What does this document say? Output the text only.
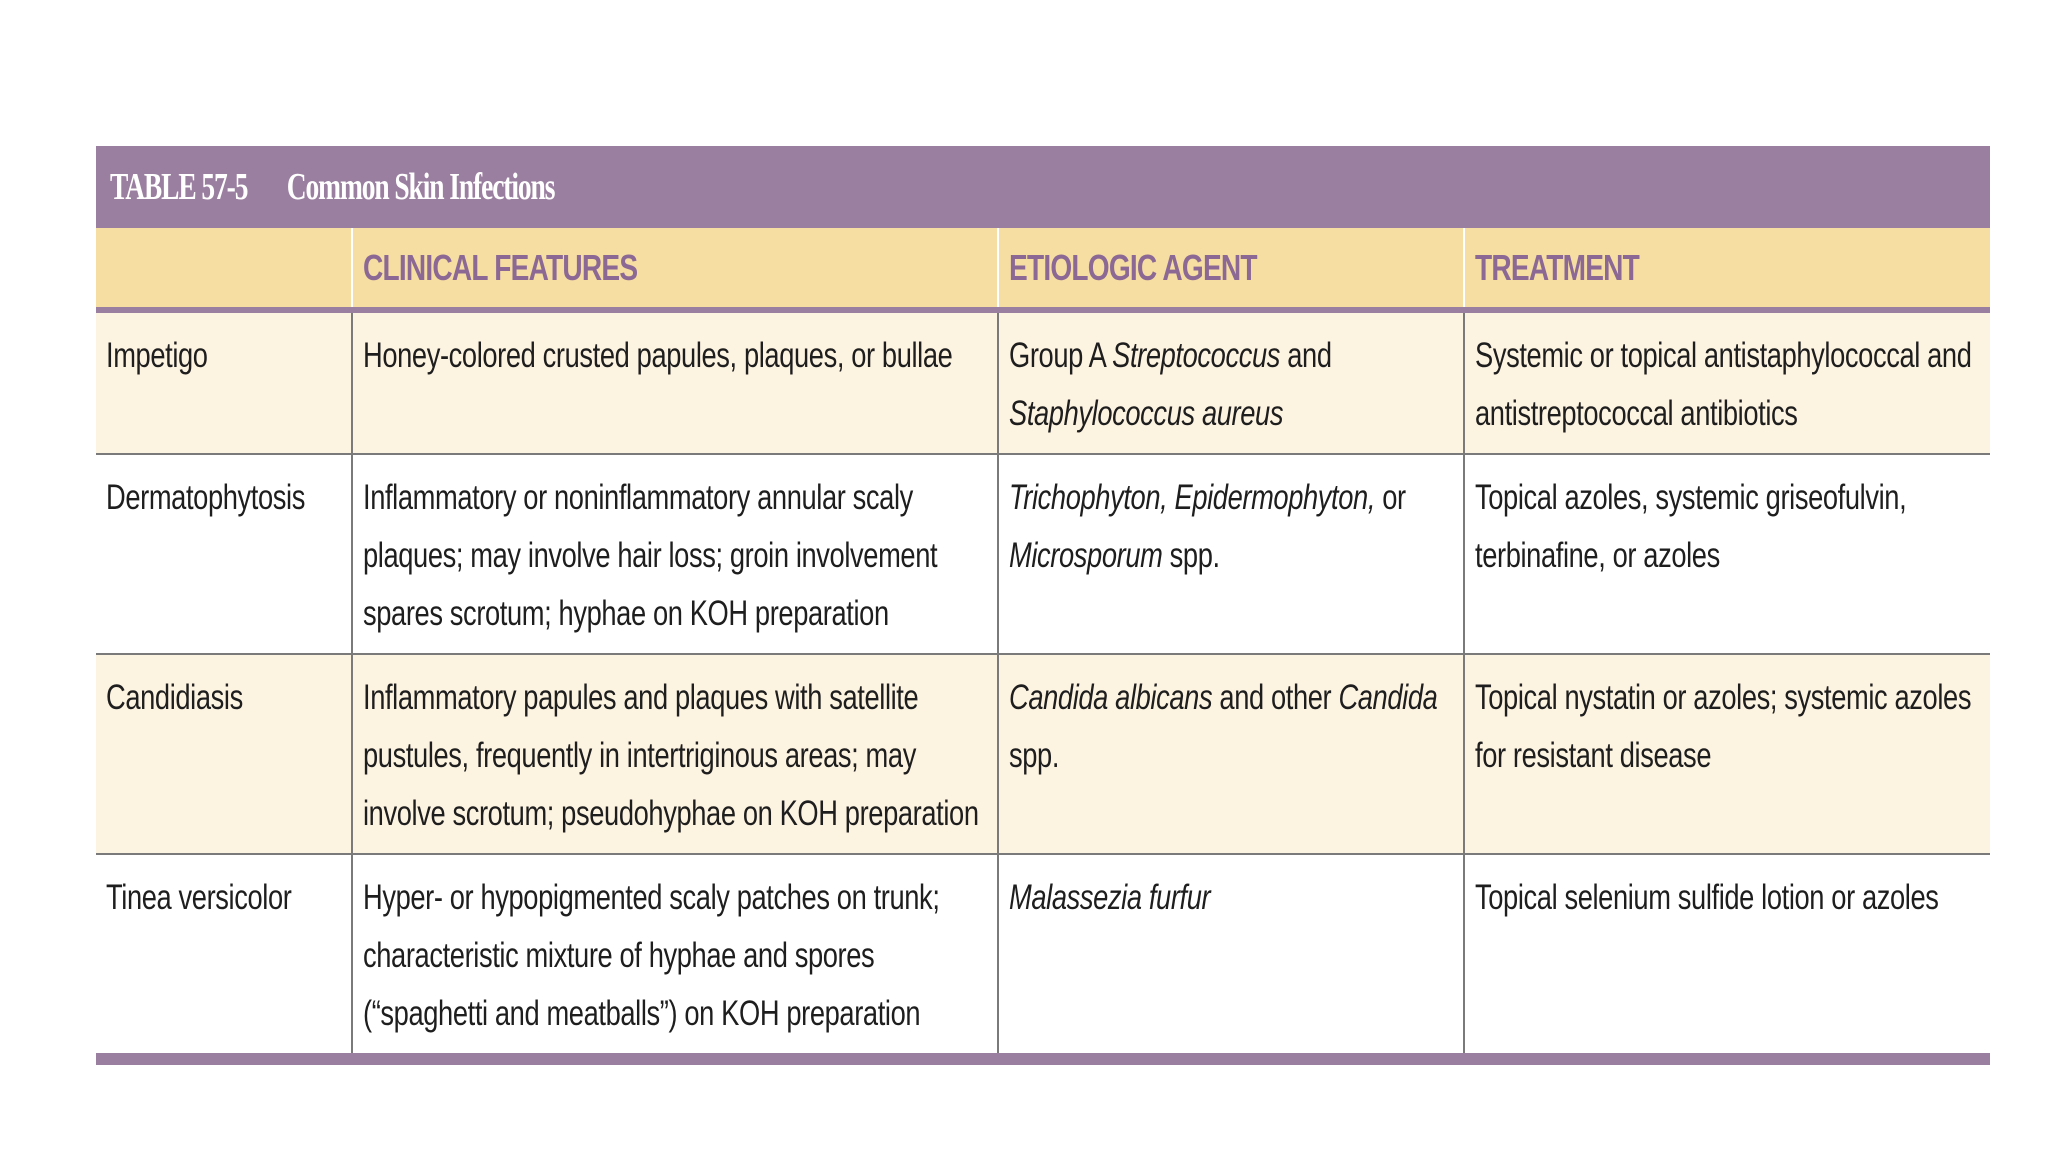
TABLE 57-5 Common Skin Infections
	CLINICAL FEATURES	ETIOLOGIC AGENT	TREATMENT

Impetigo	Honey-colored crusted papules, plaques, or bullae	Group A Streptococcus and Staphylococcus aureus	Systemic or topical antistaphylococcal and antistreptococcal antibiotics

Dermatophytosis	Inflammatory or noninflammatory annular scaly plaques; may involve hair loss; groin involvement spares scrotum; hyphae on KOH preparation	Trichophyton, Epidermophyton, or Microsporum spp.	Topical azoles, systemic griseofulvin, terbinafine, or azoles

Candidiasis	Inflammatory papules and plaques with satellite pustules, frequently in intertriginous areas; may involve scrotum; pseudohyphae on KOH preparation	Candida albicans and other Candida spp.	Topical nystatin or azoles; systemic azoles for resistant disease

Tinea versicolor	Hyper- or hypopigmented scaly patches on trunk; characteristic mixture of hyphae and spores (“spaghetti and meatballs”) on KOH preparation	Malassezia furfur	Topical selenium sulfide lotion or azoles
